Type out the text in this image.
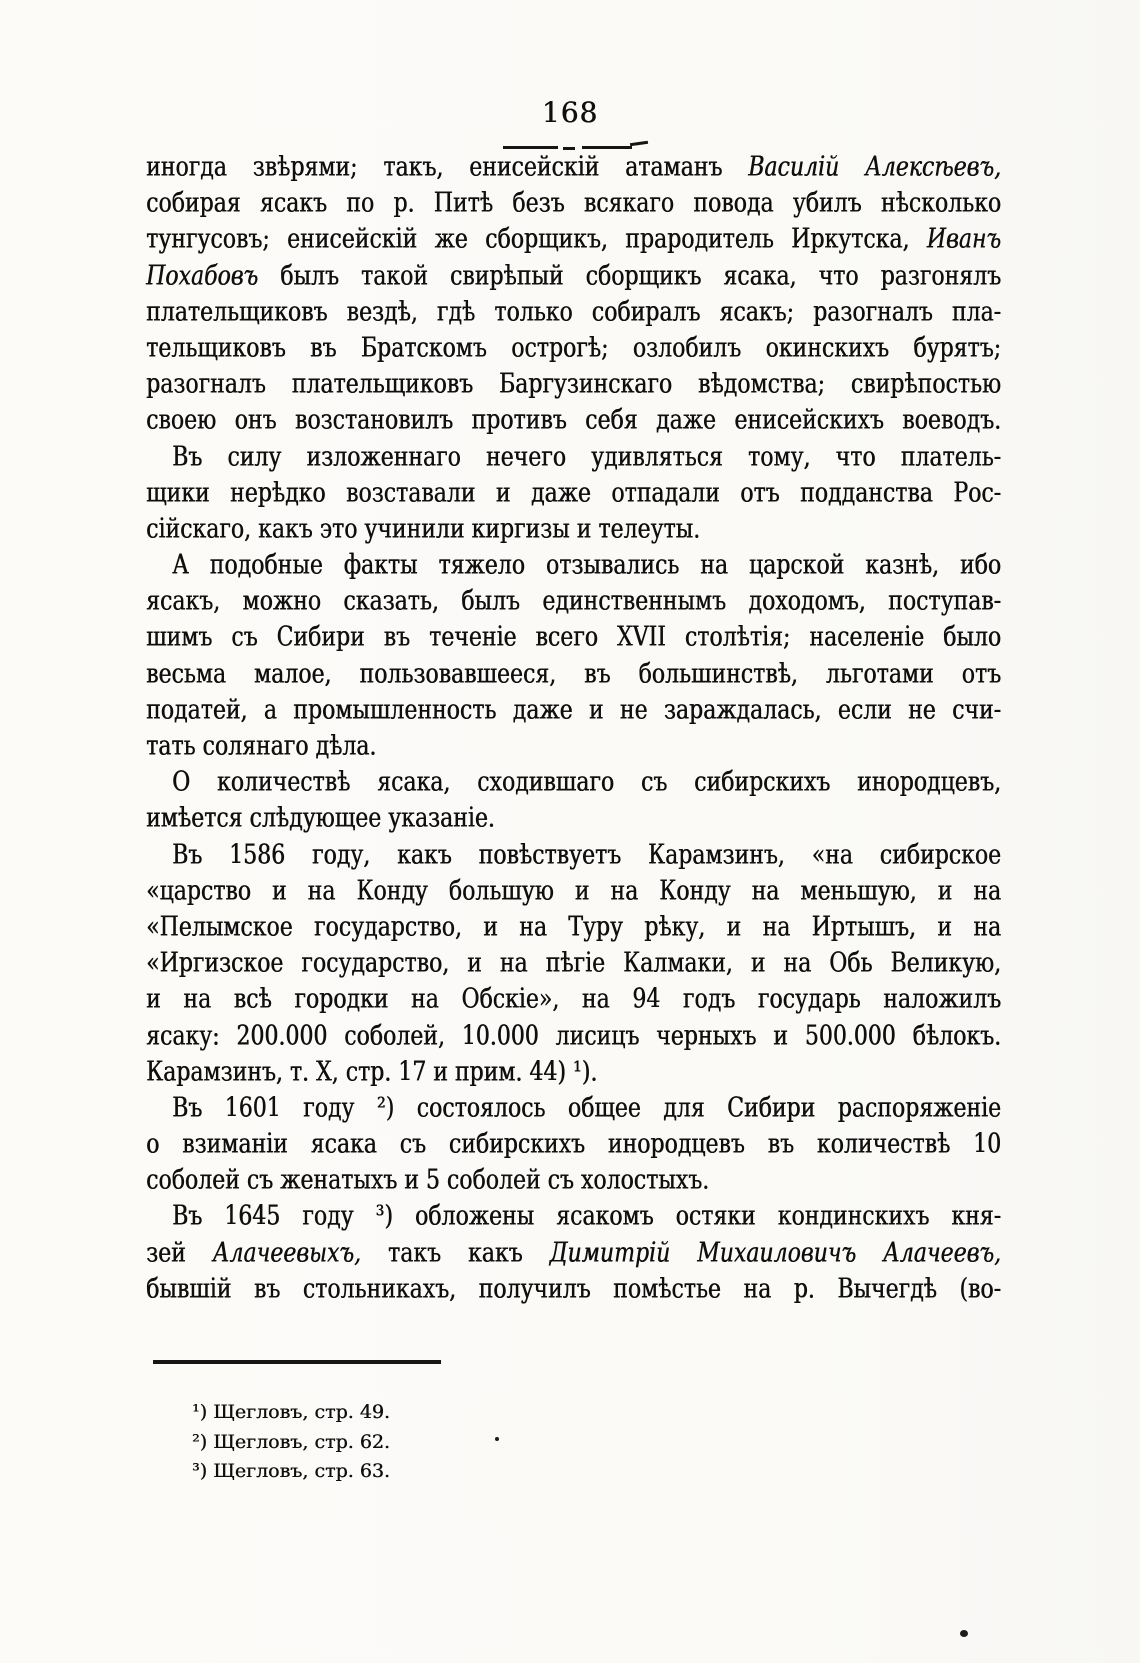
168
иногда звѣрями; такъ, енисейскій атаманъ Василій Алексѣевъ,
собирая ясакъ по р. Питѣ безъ всякаго повода убилъ нѣсколько
тунгусовъ; енисейскій же сборщикъ, прародитель Иркутска, Иванъ
Похабовъ былъ такой свирѣпый сборщикъ ясака, что разгонялъ
плательщиковъ вездѣ, гдѣ только собиралъ ясакъ; разогналъ пла-
тельщиковъ въ Братскомъ острогѣ; озлобилъ окинскихъ бурятъ;
разогналъ плательщиковъ Баргузинскаго вѣдомства; свирѣпостью
своею онъ возстановилъ противъ себя даже енисейскихъ воеводъ.
Въ силу изложеннаго нечего удивляться тому, что платель-
щики нерѣдко возставали и даже отпадали отъ подданства Рос-
сійскаго, какъ это учинили киргизы и телеуты.
А подобные факты тяжело отзывались на царской казнѣ, ибо
ясакъ, можно сказать, былъ единственнымъ доходомъ, поступав-
шимъ съ Сибири въ теченіе всего XVII столѣтія; населеніе было
весьма малое, пользовавшееся, въ большинствѣ, льготами отъ
податей, а промышленность даже и не зараждалась, если не счи-
тать солянаго дѣла.
О количествѣ ясака, сходившаго съ сибирскихъ инородцевъ,
имѣется слѣдующее указаніе.
Въ 1586 году, какъ повѣствуетъ Карамзинъ, «на сибирское
«царство и на Конду большую и на Конду на меньшую, и на
«Пелымское государство, и на Туру рѣку, и на Иртышъ, и на
«Иргизское государство, и на пѣгіе Калмаки, и на Обь Великую,
и на всѣ городки на Обскіе», на 94 годъ государь наложилъ
ясаку: 200.000 соболей, 10.000 лисицъ черныхъ и 500.000 бѣлокъ.
Карамзинъ, т. X, стр. 17 и прим. 44) ¹).
Въ 1601 году ²) состоялось общее для Сибири распоряженіе
о взиманіи ясака съ сибирскихъ инородцевъ въ количествѣ 10
соболей съ женатыхъ и 5 соболей съ холостыхъ.
Въ 1645 году ³) обложены ясакомъ остяки кондинскихъ кня-
зей Алачеевыхъ, такъ какъ Димитрій Михаиловичъ Алачеевъ,
бывшій въ стольникахъ, получилъ помѣстье на р. Вычегдѣ (во-
¹) Щегловъ, стр. 49.
²) Щегловъ, стр. 62.
³) Щегловъ, стр. 63.
